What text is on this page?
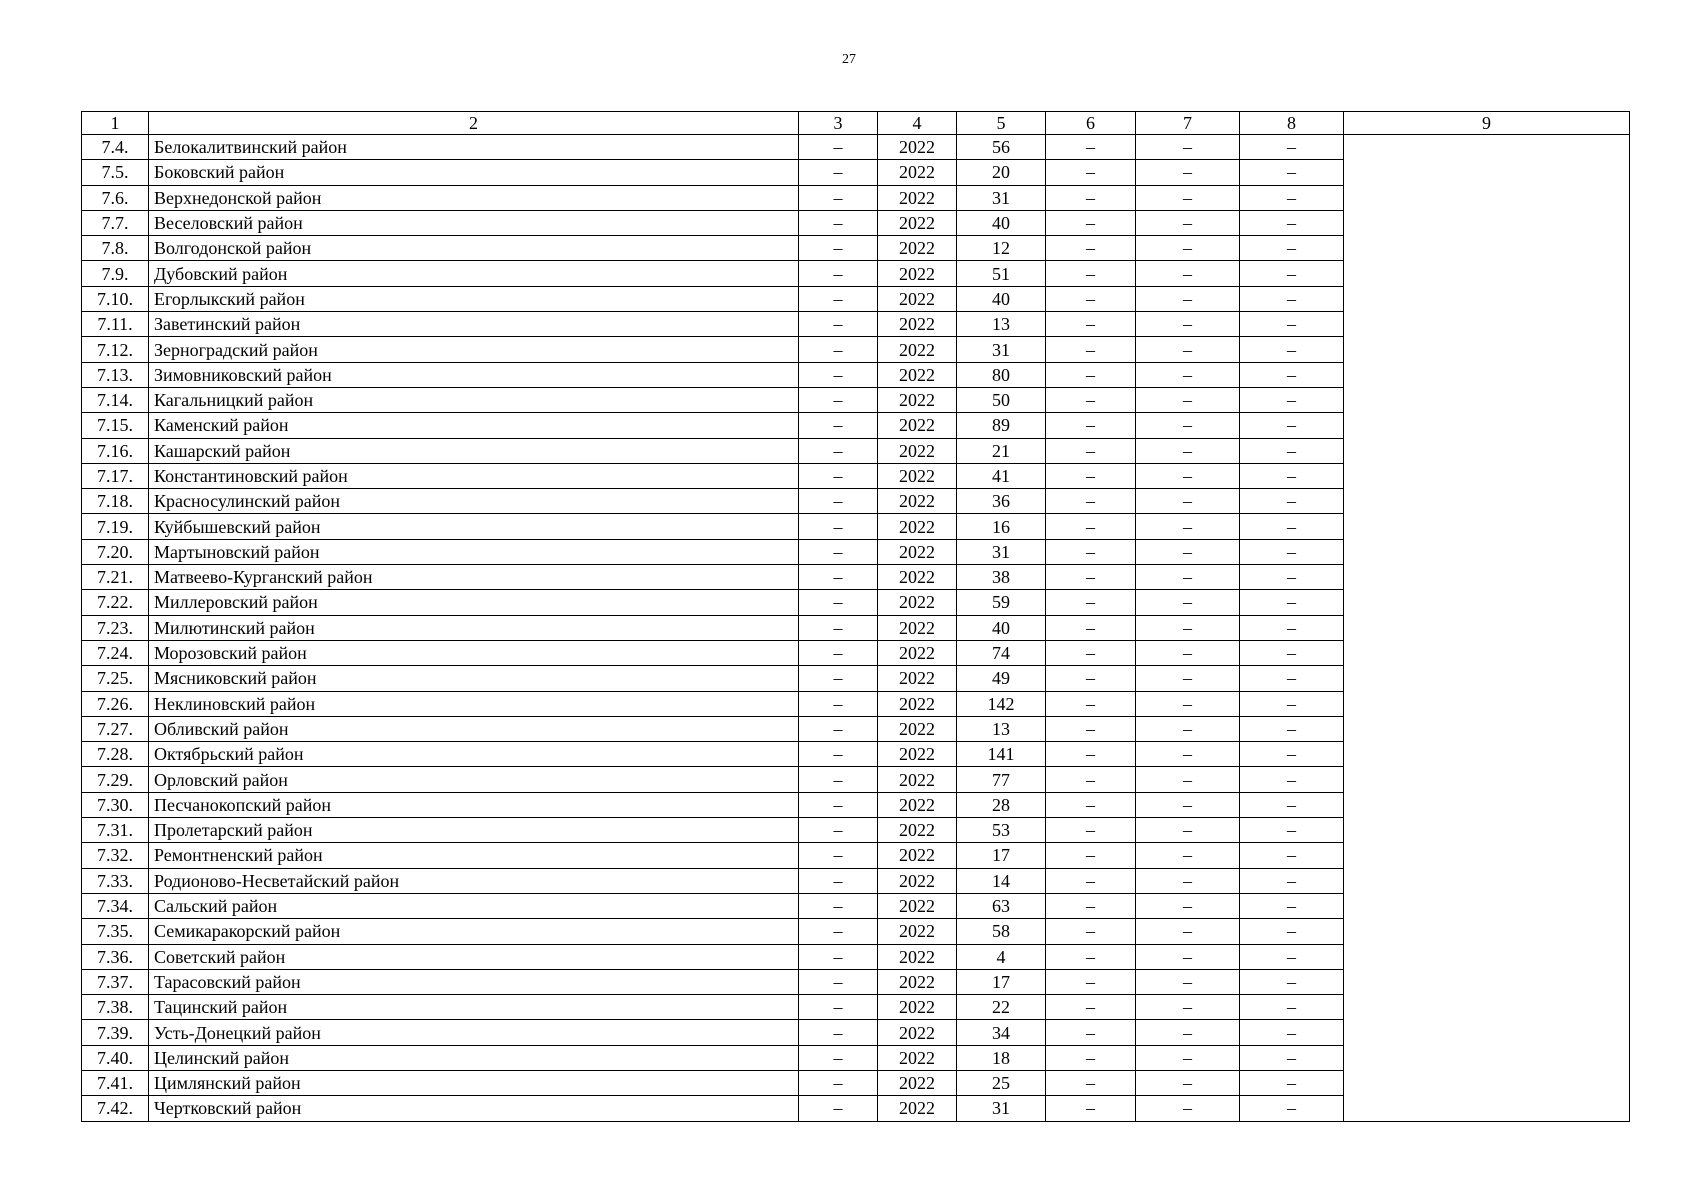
27
1	2	3	4	5	6	7	8	9
7.4.	Белокалитвинский район	–	2022	56	–	–	–	
7.5.	Боковский район	–	2022	20	–	–	–	
7.6.	Верхнедонской район	–	2022	31	–	–	–	
7.7.	Веселовский район	–	2022	40	–	–	–	
7.8.	Волгодонской район	–	2022	12	–	–	–	
7.9.	Дубовский район	–	2022	51	–	–	–	
7.10.	Егорлыкский район	–	2022	40	–	–	–	
7.11.	Заветинский район	–	2022	13	–	–	–	
7.12.	Зерноградский район	–	2022	31	–	–	–	
7.13.	Зимовниковский район	–	2022	80	–	–	–	
7.14.	Кагальницкий район	–	2022	50	–	–	–	
7.15.	Каменский район	–	2022	89	–	–	–	
7.16.	Кашарский район	–	2022	21	–	–	–	
7.17.	Константиновский район	–	2022	41	–	–	–	
7.18.	Красносулинский район	–	2022	36	–	–	–	
7.19.	Куйбышевский район	–	2022	16	–	–	–	
7.20.	Мартыновский район	–	2022	31	–	–	–	
7.21.	Матвеево-Курганский район	–	2022	38	–	–	–	
7.22.	Миллеровский район	–	2022	59	–	–	–	
7.23.	Милютинский район	–	2022	40	–	–	–	
7.24.	Морозовский район	–	2022	74	–	–	–	
7.25.	Мясниковский район	–	2022	49	–	–	–	
7.26.	Неклиновский район	–	2022	142	–	–	–	
7.27.	Обливский район	–	2022	13	–	–	–	
7.28.	Октябрьский район	–	2022	141	–	–	–	
7.29.	Орловский район	–	2022	77	–	–	–	
7.30.	Песчанокопский район	–	2022	28	–	–	–	
7.31.	Пролетарский район	–	2022	53	–	–	–	
7.32.	Ремонтненский район	–	2022	17	–	–	–	
7.33.	Родионово-Несветайский район	–	2022	14	–	–	–	
7.34.	Сальский район	–	2022	63	–	–	–	
7.35.	Семикаракорский район	–	2022	58	–	–	–	
7.36.	Советский район	–	2022	4	–	–	–	
7.37.	Тарасовский район	–	2022	17	–	–	–	
7.38.	Тацинский район	–	2022	22	–	–	–	
7.39.	Усть-Донецкий район	–	2022	34	–	–	–	
7.40.	Целинский район	–	2022	18	–	–	–	
7.41.	Цимлянский район	–	2022	25	–	–	–	
7.42.	Чертковский район	–	2022	31	–	–	–	
